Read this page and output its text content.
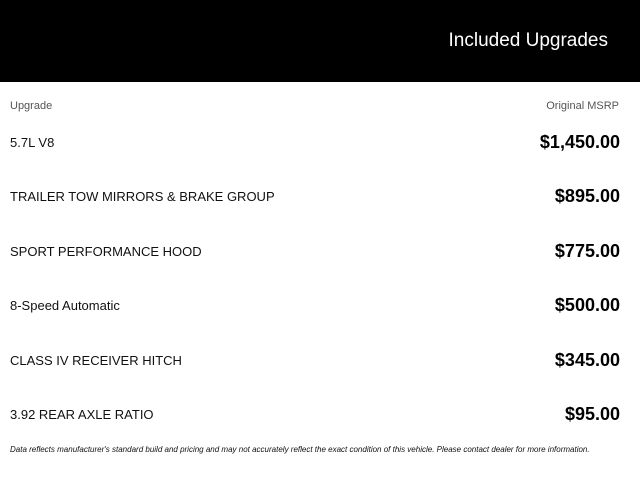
Included Upgrades
Upgrade	Original MSRP
5.7L V8	$1,450.00
TRAILER TOW MIRRORS & BRAKE GROUP	$895.00
SPORT PERFORMANCE HOOD	$775.00
8-Speed Automatic	$500.00
CLASS IV RECEIVER HITCH	$345.00
3.92 REAR AXLE RATIO	$95.00

Data reflects manufacturer's standard build and pricing and may not accurately reflect the exact condition of this vehicle. Please contact dealer for more information.
